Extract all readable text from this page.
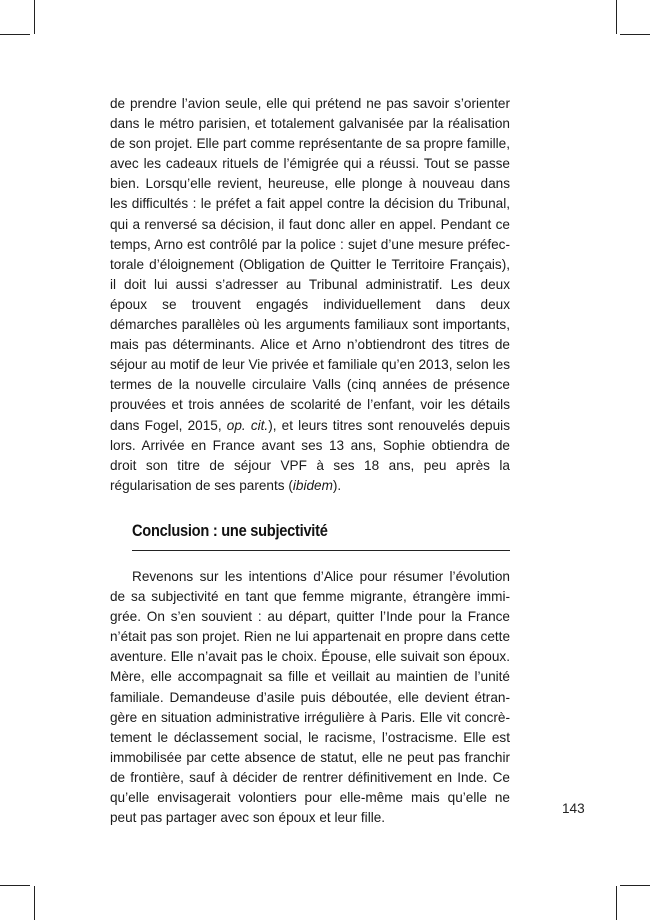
de prendre l’avion seule, elle qui prétend ne pas savoir s’orienter dans le métro parisien, et totalement galvanisée par la réalisation de son projet. Elle part comme représentante de sa propre famille, avec les cadeaux rituels de l’émigrée qui a réussi. Tout se passe bien. Lorsqu’elle revient, heureuse, elle plonge à nouveau dans les difficultés : le préfet a fait appel contre la décision du Tribunal, qui a renversé sa décision, il faut donc aller en appel. Pendant ce temps, Arno est contrôlé par la police : sujet d’une mesure préfectorale d’éloignement (Obligation de Quitter le Territoire Français), il doit lui aussi s’adresser au Tribunal administratif. Les deux époux se trouvent engagés individuellement dans deux démarches parallèles où les arguments familiaux sont importants, mais pas déterminants. Alice et Arno n’obtiendront des titres de séjour au motif de leur Vie privée et familiale qu’en 2013, selon les termes de la nouvelle circulaire Valls (cinq années de présence prouvées et trois années de scolarité de l’enfant, voir les détails dans Fogel, 2015, op. cit.), et leurs titres sont renouvelés depuis lors. Arrivée en France avant ses 13 ans, Sophie obtiendra de droit son titre de séjour VPF à ses 18 ans, peu après la régularisation de ses parents (ibidem).

Conclusion : une subjectivité

Revenons sur les intentions d’Alice pour résumer l’évolution de sa subjectivité en tant que femme migrante, étrangère immigrée. On s’en souvient : au départ, quitter l’Inde pour la France n’était pas son projet. Rien ne lui appartenait en propre dans cette aventure. Elle n’avait pas le choix. Épouse, elle suivait son époux. Mère, elle accompagnait sa fille et veillait au maintien de l’unité familiale. Demandeuse d’asile puis déboutée, elle devient étrangère en situation administrative irrégulière à Paris. Elle vit concrètement le déclassement social, le racisme, l’ostracisme. Elle est immobilisée par cette absence de statut, elle ne peut pas franchir de frontière, sauf à décider de rentrer définitivement en Inde. Ce qu’elle envisagerait volontiers pour elle-même mais qu’elle ne peut pas partager avec son époux et leur fille.

143
